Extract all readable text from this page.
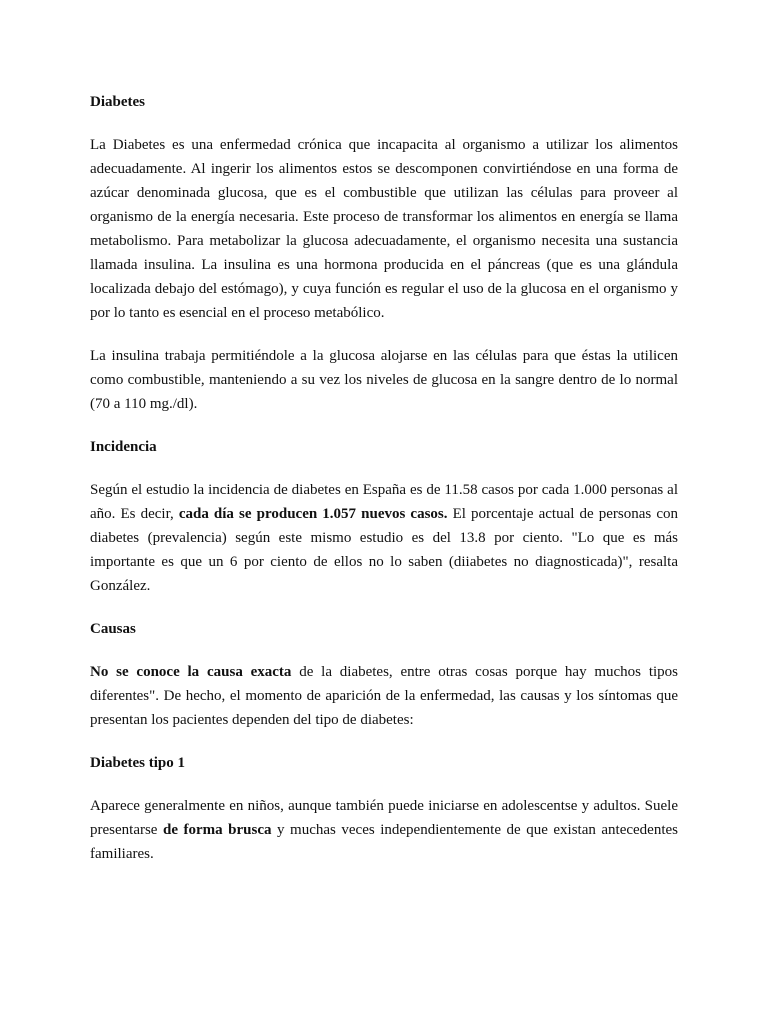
Diabetes

La Diabetes es una enfermedad crónica que incapacita al organismo a utilizar los alimentos adecuadamente. Al ingerir los alimentos estos se descomponen convirtiéndose en una forma de azúcar denominada glucosa, que es el combustible que utilizan las células para proveer al organismo de la energía necesaria. Este proceso de transformar los alimentos en energía se llama metabolismo. Para metabolizar la glucosa adecuadamente, el organismo necesita una sustancia llamada insulina. La insulina es una hormona producida en el páncreas (que es una glándula localizada debajo del estómago), y cuya función es regular el uso de la glucosa en el organismo y por lo tanto es esencial en el proceso metabólico.

La insulina trabaja permitiéndole a la glucosa alojarse en las células para que éstas la utilicen como combustible, manteniendo a su vez los niveles de glucosa en la sangre dentro de lo normal (70 a 110 mg./dl).

Incidencia

Según el estudio la incidencia de diabetes en España es de 11.58 casos por cada 1.000 personas al año. Es decir, cada día se producen 1.057 nuevos casos. El porcentaje actual de personas con diabetes (prevalencia) según este mismo estudio es del 13.8 por ciento. "Lo que es más importante es que un 6 por ciento de ellos no lo saben (diiabetes no diagnosticada)", resalta González.

Causas

No se conoce la causa exacta de la diabetes, entre otras cosas porque hay muchos tipos diferentes". De hecho, el momento de aparición de la enfermedad, las causas y los síntomas que presentan los pacientes dependen del tipo de diabetes:

Diabetes tipo 1

Aparece generalmente en niños, aunque también puede iniciarse en adolescentse y adultos. Suele presentarse de forma brusca y muchas veces independientemente de que existan antecedentes familiares.
